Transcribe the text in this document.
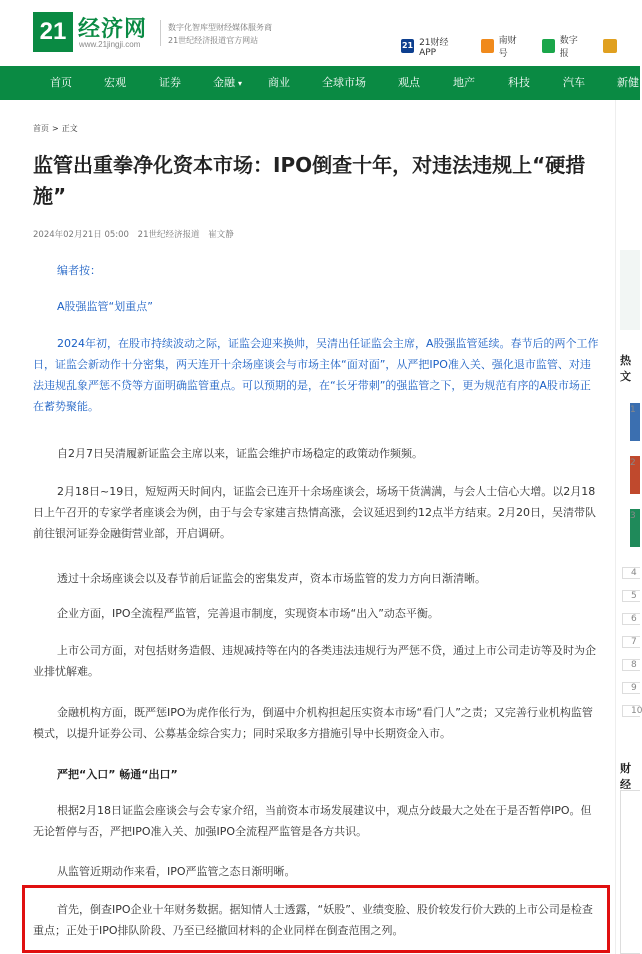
21 经济网
www.21jingji.com
数字化智库型财经媒体服务商
21世纪经济报道官方网站
21 21财经APP
南财号
数字报
首页	宏观	证券	金融 ▾ 商业	全球市场	观点	地产	科技	汽车	新健
首页 > 正文
监管出重拳净化资本市场：IPO倒查十年，对违法违规上“硬措施”
2024年02月21日 05:00 21世纪经济报道 崔文静
编者按：
A股强监管“划重点”
2024年初，在股市持续波动之际，证监会迎来换帅，吴清出任证监会主席，A股强监管延续。春节后的两个工作日，证监会新动作十分密集，两天连开十余场座谈会与市场主体“面对面”，从严把IPO准入关、强化退市监管、对违法违规乱象严惩不贷等方面明确监管重点。可以预期的是，在“长牙带刺”的强监管之下，更为规范有序的A股市场正在蓄势聚能。
自2月7日吴清履新证监会主席以来，证监会维护市场稳定的政策动作频频。
2月18日~19日，短短两天时间内，证监会已连开十余场座谈会，场场干货满满，与会人士信心大增。以2月18日上午召开的专家学者座谈会为例，由于与会专家建言热情高涨，会议延迟到约12点半方结束。2月20日，吴清带队前往银河证券金融街营业部，开启调研。
透过十余场座谈会以及春节前后证监会的密集发声，资本市场监管的发力方向日渐清晰。
企业方面，IPO全流程严监管，完善退市制度，实现资本市场“出入”动态平衡。
上市公司方面，对包括财务造假、违规减持等在内的各类违法违规行为严惩不贷，通过上市公司走访等及时为企业排忧解难。
金融机构方面，既严惩IPO为虎作伥行为，倒逼中介机构担起压实资本市场“看门人”之责；又完善行业机构监管模式，以提升证券公司、公募基金综合实力；同时采取多方措施引导中长期资金入市。
严把“入口” 畅通“出口”
根据2月18日证监会座谈会与会专家介绍，当前资本市场发展建议中，观点分歧最大之处在于是否暂停IPO。但无论暂停与否，严把IPO准入关、加强IPO全流程严监管是各方共识。
从监管近期动作来看，IPO严监管之态日渐明晰。
首先，倒查IPO企业十年财务数据。据知情人士透露，“妖股”、业绩变脸、股价较发行价大跌的上市公司是检查重点；正处于IPO排队阶段、乃至已经撤回材料的企业同样在倒查范围之列。
热文
1
2
3
4
5
6
7
8
9
10
财经
